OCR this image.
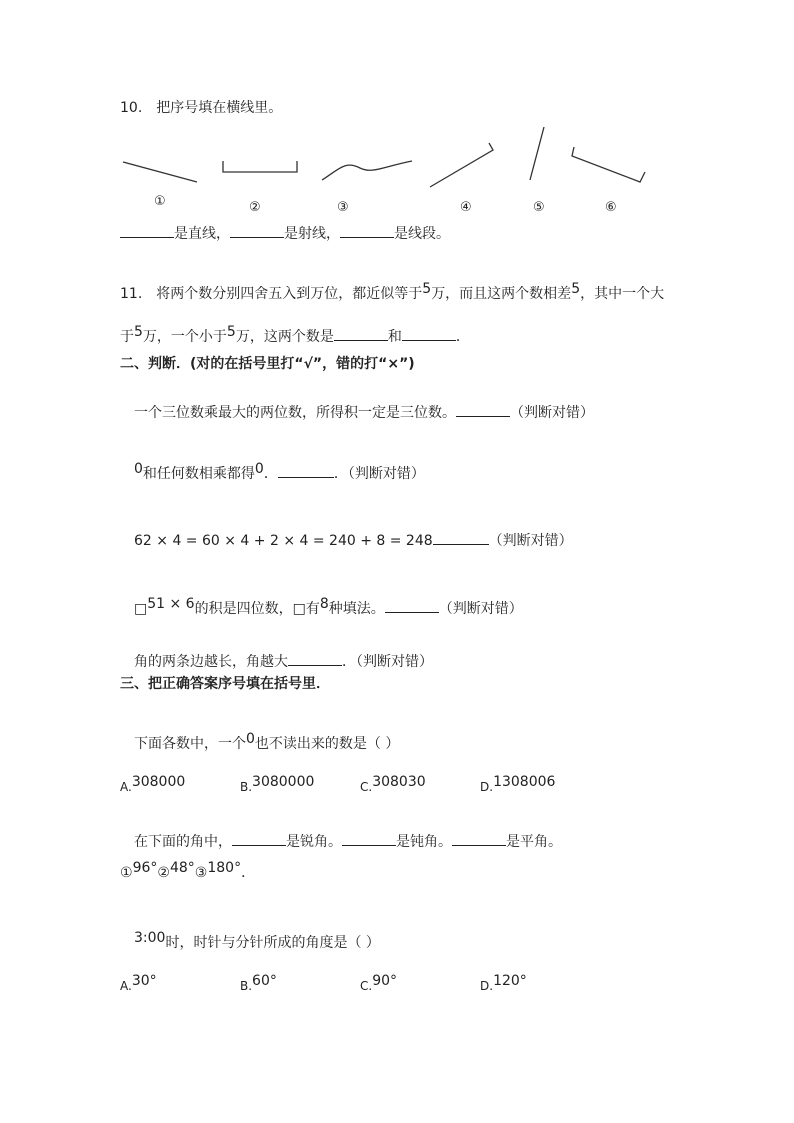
10.　把序号填在横线里。
①	②	③	④	⑤	⑥
是直线，	是射线，	是线段。
11.　将两个数分别四舍五入到万位，都近似等于5万，而且这两个数相差5，其中一个大
于5万，一个小于5万，这两个数是	和	．
二、判断．(对的在括号里打“√”，错的打“×”)
一个三位数乘最大的两位数，所得积一定是三位数。	（判断对错）
0和任何数相乘都得0．	．（判断对错）
62 × 4 = 60 × 4 + 2 × 4 = 240 + 8 = 248	（判断对错）
□51 × 6的积是四位数，□有8种填法。	（判断对错）
角的两条边越长，角越大	．（判断对错）
三、把正确答案序号填在括号里．
下面各数中，一个0也不读出来的数是（ ）
A.308000	B.3080000	C.308030	D.1308006
在下面的角中，	是锐角。	是钝角。	是平角。
①96°②48°③180°．
3:00时，时针与分针所成的角度是（ ）
A.30°	B.60°	C.90°	D.120°
